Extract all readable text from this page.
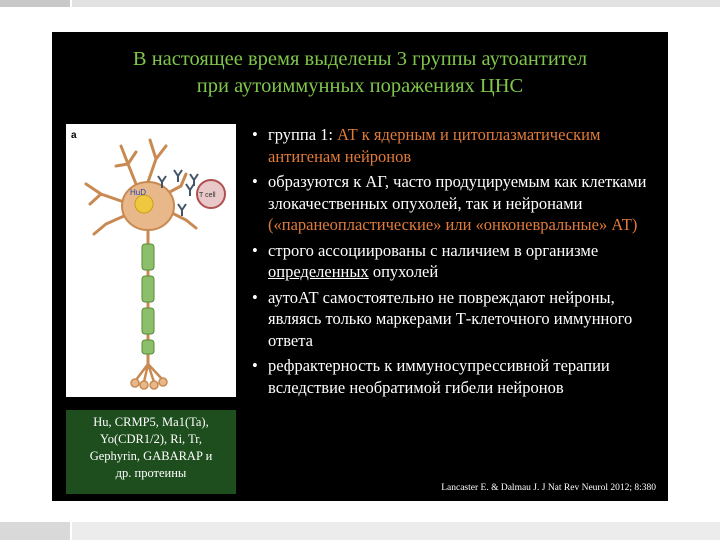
В настоящее время выделены 3 группы аутоантител
при аутоиммунных поражениях ЦНС
a
HuD	T cell
Hu, CRMP5, Ma1(Ta),
Yo(CDR1/2), Ri, Tr,
Gephyrin, GABARAP и
др. протеины
• группа 1: АТ к ядерным и цитоплазматическим антигенам нейронов
• образуются к АГ, часто продуцируемым как клетками злокачественных опухолей, так и нейронами («паранеопластические» или «онконевральные» АТ)
• строго ассоциированы с наличием в организме определенных опухолей
• аутоАТ самостоятельно не повреждают нейроны, являясь только маркерами Т-клеточного иммунного ответа
• рефрактерность к иммуносупрессивной терапии вследствие необратимой гибели нейронов
Lancaster E. & Dalmau J. J Nat Rev Neurol 2012; 8:380
